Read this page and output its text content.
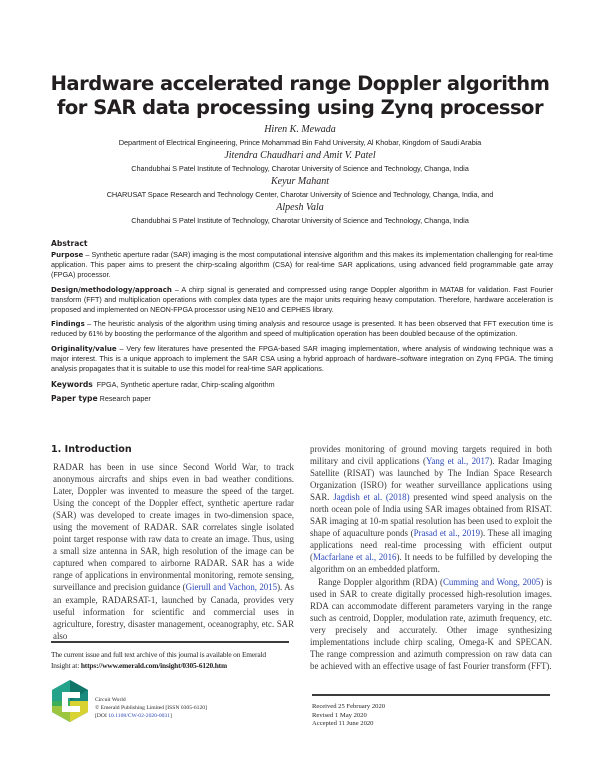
Hardware accelerated range Doppler algorithm
for SAR data processing using Zynq processor
Hiren K. Mewada
Department of Electrical Engineering, Prince Mohammad Bin Fahd University, Al Khobar, Kingdom of Saudi Arabia
Jitendra Chaudhari and Amit V. Patel
Chandubhai S Patel Institute of Technology, Charotar University of Science and Technology, Changa, India
Keyur Mahant
CHARUSAT Space Research and Technology Center, Charotar University of Science and Technology, Changa, India, and
Alpesh Vala
Chandubhai S Patel Institute of Technology, Charotar University of Science and Technology, Changa, India
Abstract

Purpose – Synthetic aperture radar (SAR) imaging is the most computational intensive algorithm and this makes its implementation challenging for real-time application. This paper aims to present the chirp-scaling algorithm (CSA) for real-time SAR applications, using advanced field programmable gate array (FPGA) processor.

Design/methodology/approach – A chirp signal is generated and compressed using range Doppler algorithm in MATAB for validation. Fast Fourier transform (FFT) and multiplication operations with complex data types are the major units requiring heavy computation. Therefore, hardware acceleration is proposed and implemented on NEON-FPGA processor using NE10 and CEPHES library.

Findings – The heuristic analysis of the algorithm using timing analysis and resource usage is presented. It has been observed that FFT execution time is reduced by 61% by boosting the performance of the algorithm and speed of multiplication operation has been doubled because of the optimization.

Originality/value – Very few literatures have presented the FPGA-based SAR imaging implementation, where analysis of windowing technique was a major interest. This is a unique approach to implement the SAR CSA using a hybrid approach of hardware–software integration on Zynq FPGA. The timing analysis propagates that it is suitable to use this model for real-time SAR applications.

Keywords FPGA, Synthetic aperture radar, Chirp-scaling algorithm

Paper type Research paper

1. Introduction

RADAR has been in use since Second World War, to track anonymous aircrafts and ships even in bad weather conditions. Later, Doppler was invented to measure the speed of the target. Using the concept of the Doppler effect, synthetic aperture radar (SAR) was developed to create images in two-dimension space, using the movement of RADAR. SAR correlates single isolated point target response with raw data to create an image. Thus, using a small size antenna in SAR, high resolution of the image can be captured when compared to airborne RADAR. SAR has a wide range of applications in environmental monitoring, remote sensing, surveillance and precision guidance (Gierull and Vachon, 2015). As an example, RADARSAT-1, launched by Canada, provides very useful information for scientific and commercial uses in agriculture, forestry, disaster management, oceanography, etc. SAR also

provides monitoring of ground moving targets required in both military and civil applications (Yang et al., 2017). Radar Imaging Satellite (RISAT) was launched by The Indian Space Research Organization (ISRO) for weather surveillance applications using SAR. Jagdish et al. (2018) presented wind speed analysis on the north ocean pole of India using SAR images obtained from RISAT. SAR imaging at 10-m spatial resolution has been used to exploit the shape of aquaculture ponds (Prasad et al., 2019). These all imaging applications need real-time processing with efficient output (Macfarlane et al., 2016). It needs to be fulfilled by developing the algorithm on an embedded platform.

Range Doppler algorithm (RDA) (Cumming and Wong, 2005) is used in SAR to create digitally processed high-resolution images. RDA can accommodate different parameters varying in the range such as centroid, Doppler, modulation rate, azimuth frequency, etc. very precisely and accurately. Other image synthesizing implementations include chirp scaling, Omega-K and SPECAN. The range compression and azimuth compression on raw data can be achieved with an effective usage of fast Fourier transform (FFT).

The current issue and full text archive of this journal is available on Emerald
Insight at: https://www.emerald.com/insight/0305-6120.htm
Circuit World
© Emerald Publishing Limited [ISSN 0305-6120]
[DOI 10.1108/CW-02-2020-0031]
Received 25 February 2020
Revised 1 May 2020
Accepted 11 June 2020
